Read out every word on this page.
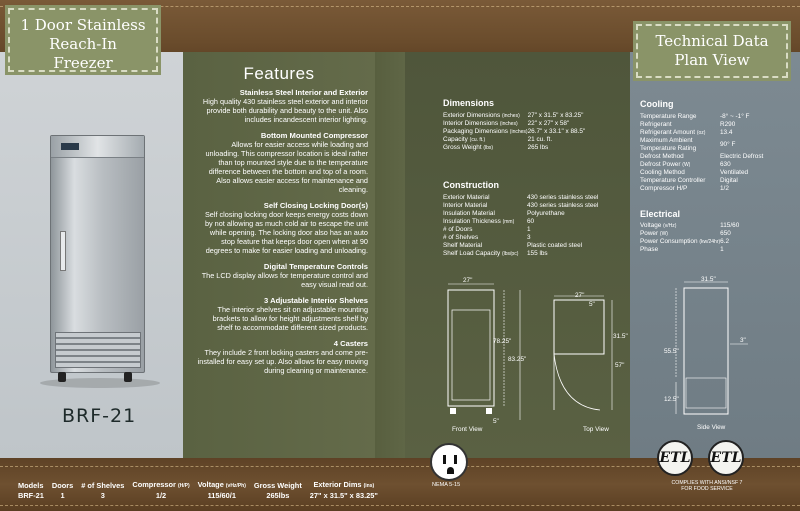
1 Door Stainless
Reach-In
Freezer
Technical Data
Plan View
BRF-21
Features
Stainless Steel Interior and Exterior

High quality 430 stainless steel exterior and interior provide both durability and beauty to the unit. Also includes incandescent interior lighting.

Bottom Mounted Compressor

Allows for easier access while loading and unloading. This compressor location is ideal rather than top mounted style due to the temperature difference between the bottom and top of a room. Also allows easier access for maintenance and cleaning.

Self Closing Locking Door(s)

Self closing locking door keeps energy costs down by not allowing as much cold air to escape the unit while opening. The locking door also has an auto stop feature that keeps door open when at 90 degrees to make for easier loading and unloading.

Digital Temperature Controls

The LCD display allows for temperature control and easy visual read out.

3 Adjustable Interior Shelves

The interior shelves sit on adjustable mounting brackets to allow for height adjustments shelf by shelf to accommodate different sized products.

4 Casters

They include 2 front locking casters and come pre-installed for easy set up. Also allows for easy moving during cleaning or maintenance.

Dimensions
Exterior Dimensions (inches)	27" x 31.5" x 83.25"
Interior Dimensions (inches)	22" x 27" x 58"
Packaging Dimensions (inches)	26.7" x 33.1" x 88.5"
Capacity (cu. ft.)	21 cu. ft.
Gross Weight (lbs)	265 lbs
Construction
Exterior Material	430 series stainless steel
Interior Material	430 series stainless steel
Insulation Material	Polyurethane
Insulation Thickness (mm)	60
# of Doors	1
# of Shelves	3
Shelf Material	Plastic coated steel
Shelf Load Capacity (lbs/pc)	155 lbs
Cooling
Temperature Range	-8° ~ -1° F
Refrigerant	R290
Refrigerant Amount (oz)	13.4
Maximum Ambient Temperature Rating	90° F
Defrost Method	Electric Defrost
Defrost Power (W)	630
Cooling Method	Ventilated
Temperature Controller	Digital
Compressor H/P	1/2
Electrical
Voltage (v/Hz)	115/60
Power (W)	650
Power Consumption (kw/24hr)	6.2
Phase	1
27"
78.25"
83.25"
5"
Front View
27"
5"
31.5"
57"
Top View
31.5"
55.5"
12.5"
3"
Side View
NEMA 5-15
ETL ETL
COMPLIES WITH ANSI/NSF 7
FOR FOOD SERVICE
Models	Doors	# of Shelves	Compressor (H/P)	Voltage (vHz/Ph)	Gross Weight	Exterior Dims (ins)
BRF-21	1	3	1/2	115/60/1	265lbs	27" x 31.5" x 83.25"
